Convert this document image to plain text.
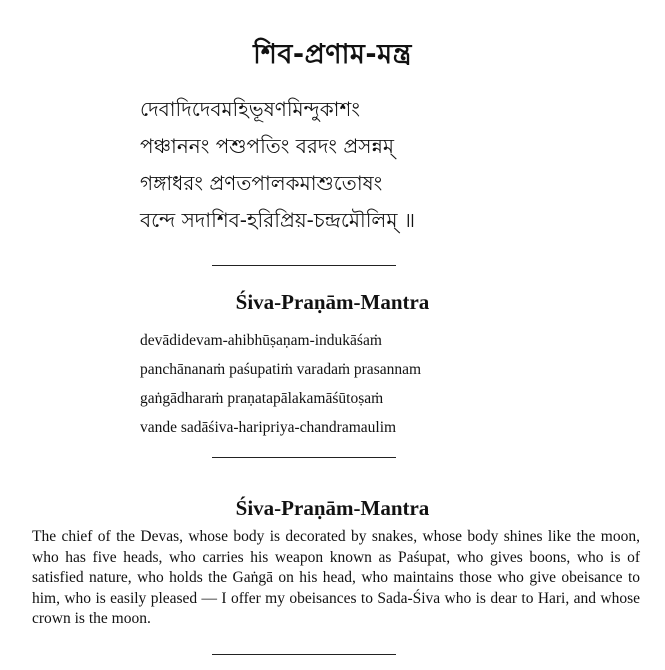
শিব-প্রণাম-মন্ত্র
দেবাদিদেবমহিভূষণমিন্দুকাশং
পঞ্চাননং পশুপতিং বরদং প্রসন্নম্
গঙ্গাধরং প্রণতপালকমাশুতোষং
বন্দে সদাশিব-হরিপ্রিয়-চন্দ্রমৌলিম্ ॥
Śiva-Praṇām-Mantra
devādidevam-ahibhūṣaṇam-indukāśaṁ
panchānanaṁ paśupatiṁ varadaṁ prasannam
gaṅgādharaṁ praṇatapālakamāśūtoṣaṁ
vande sadāśiva-haripriya-chandramaulim
Śiva-Praṇām-Mantra
The chief of the Devas, whose body is decorated by snakes, whose body shines like the moon, who has five heads, who carries his weapon known as Paśupat, who gives boons, who is of satisfied nature, who holds the Gaṅgā on his head, who maintains those who give obeisance to him, who is easily pleased — I offer my obeisances to Sada-Śiva who is dear to Hari, and whose crown is the moon.
